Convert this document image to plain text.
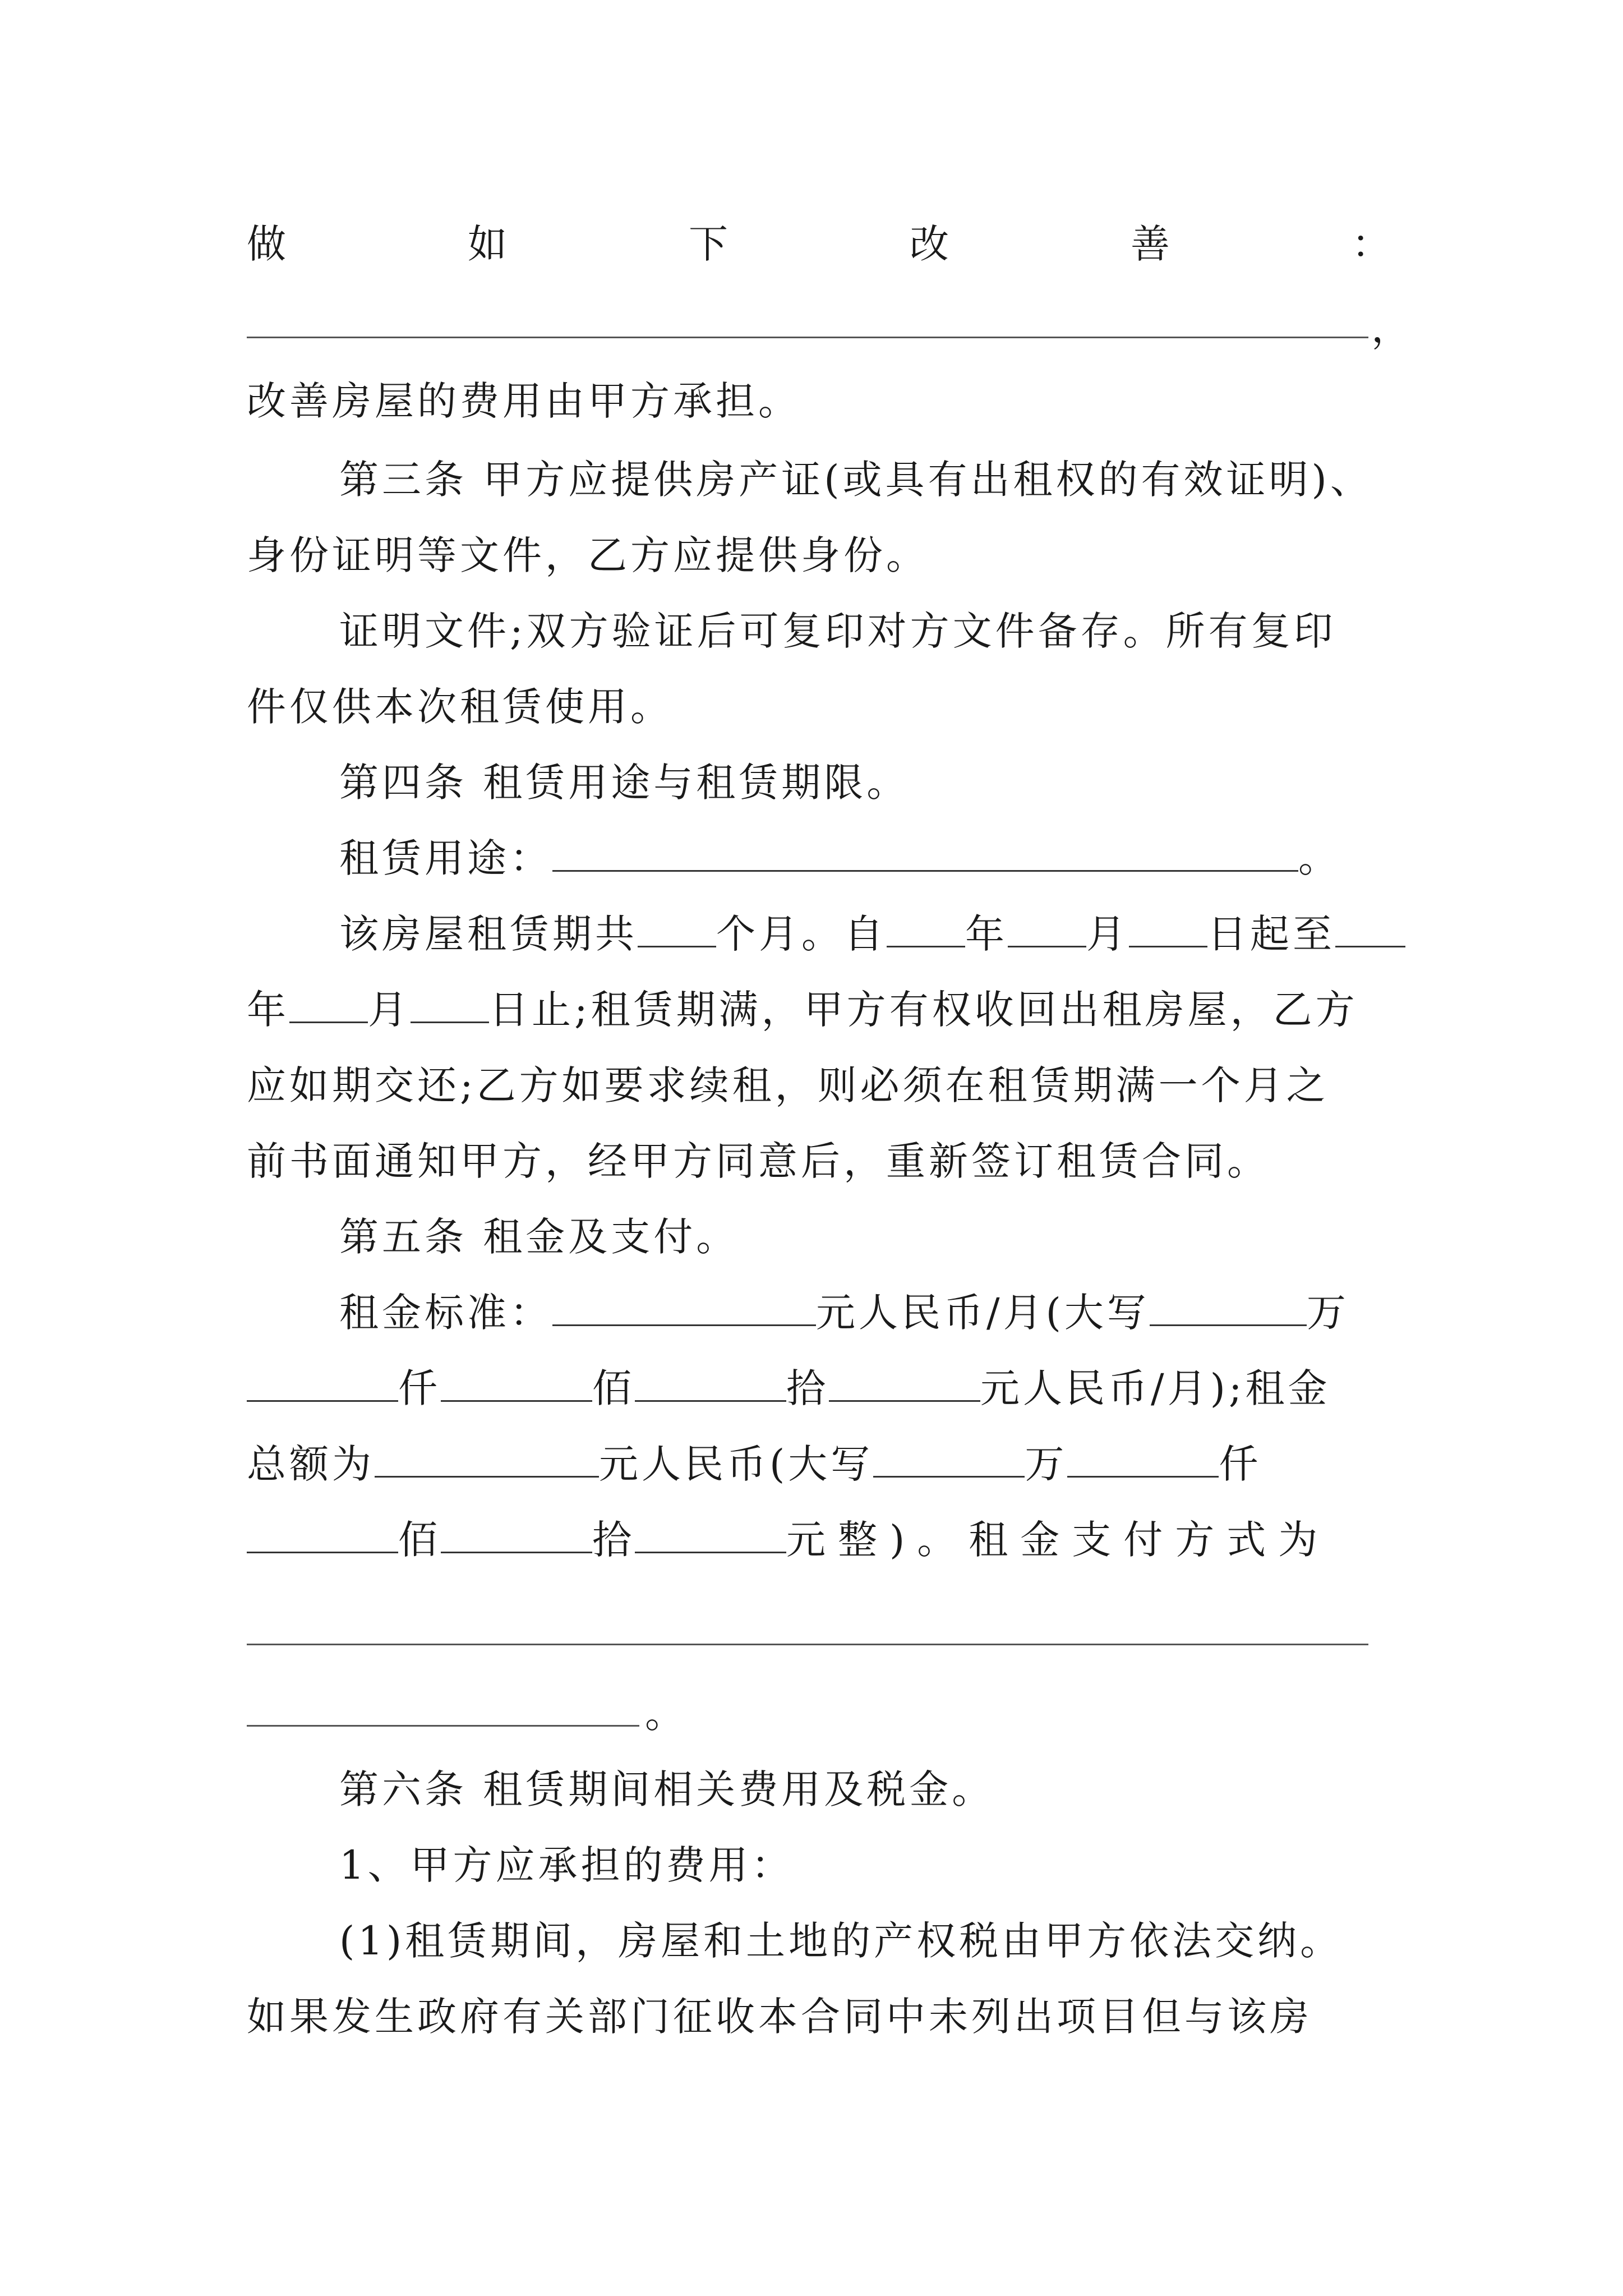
做	如	下	改	善	：
，
改善房屋的费用由甲方承担。
第三条 甲方应提供房产证(或具有出租权的有效证明)、
身份证明等文件，乙方应提供身份。
证明文件;双方验证后可复印对方文件备存。所有复印
件仅供本次租赁使用。
第四条 租赁用途与租赁期限。
租赁用途：	。
该房屋租赁期共 个月。自 年 月 日起至
年 月 日止;租赁期满，甲方有权收回出租房屋，乙方
应如期交还;乙方如要求续租，则必须在租赁期满一个月之
前书面通知甲方，经甲方同意后，重新签订租赁合同。
第五条 租金及支付。
租金标准：	元人民币/月(大写	万
仟	佰	拾	元人民币/月);租金
总额为	元人民币(大写	万	仟
佰	拾	元整)。租金支付方式为
。
第六条 租赁期间相关费用及税金。
1、甲方应承担的费用：
(1)租赁期间，房屋和土地的产权税由甲方依法交纳。
如果发生政府有关部门征收本合同中未列出项目但与该房
